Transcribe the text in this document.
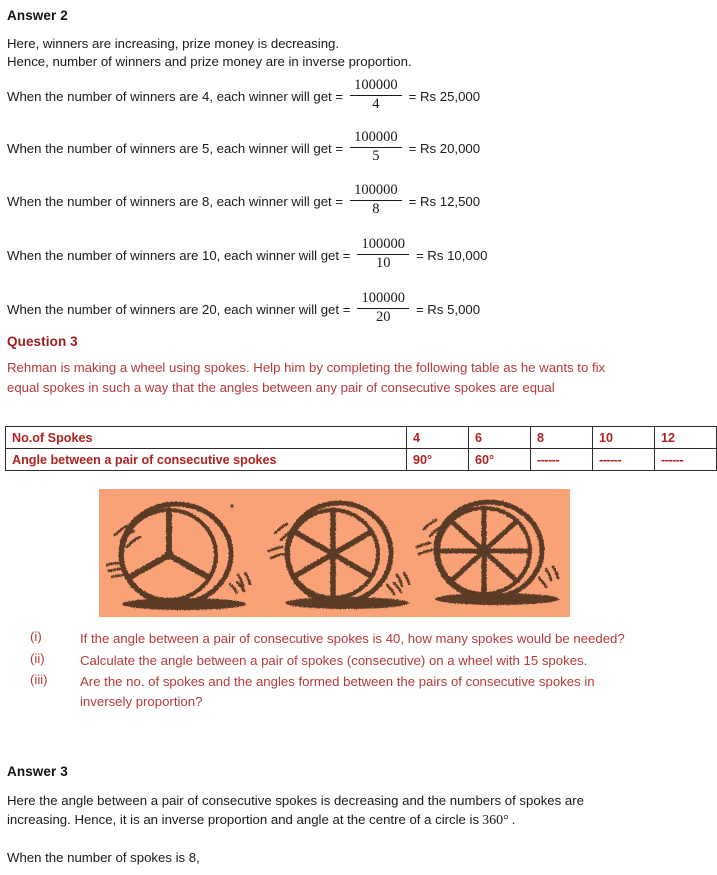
Answer 2
Here, winners are increasing, prize money is decreasing.
Hence, number of winners and prize money are in inverse proportion.
When the number of winners are 4, each winner will get = $\frac{100000}{4} = Rs$ 25,000
When the number of winners are 5, each winner will get = $\frac{100000}{5} = Rs$ 20,000
When the number of winners are 8, each winner will get = $\frac{100000}{8} = Rs$ 12,500
When the number of winners are 10, each winner will get = $\frac{100000}{10} = Rs$ 10,000
When the number of winners are 20, each winner will get = $\frac{100000}{20} = Rs$ 5,000
Question 3
Rehman is making a wheel using spokes. Help him by completing the following table as he wants to fix equal spokes in such a way that the angles between any pair of consecutive spokes are equal
No.of Spokes	4	6	8	10	12
Angle between a pair of consecutive spokes	90°	60°	------	------	------
(i)	If the angle between a pair of consecutive spokes is 40, how many spokes would be needed?
(ii)	Calculate the angle between a pair of spokes (consecutive) on a wheel with 15 spokes.
(iii) Are the no. of spokes and the angles formed between the pairs of consecutive spokes in inversely proportion?
Answer 3
Here the angle between a pair of consecutive spokes is decreasing and the numbers of spokes are increasing. Hence, it is an inverse proportion and angle at the centre of a circle is 360° .
When the number of spokes is 8,
